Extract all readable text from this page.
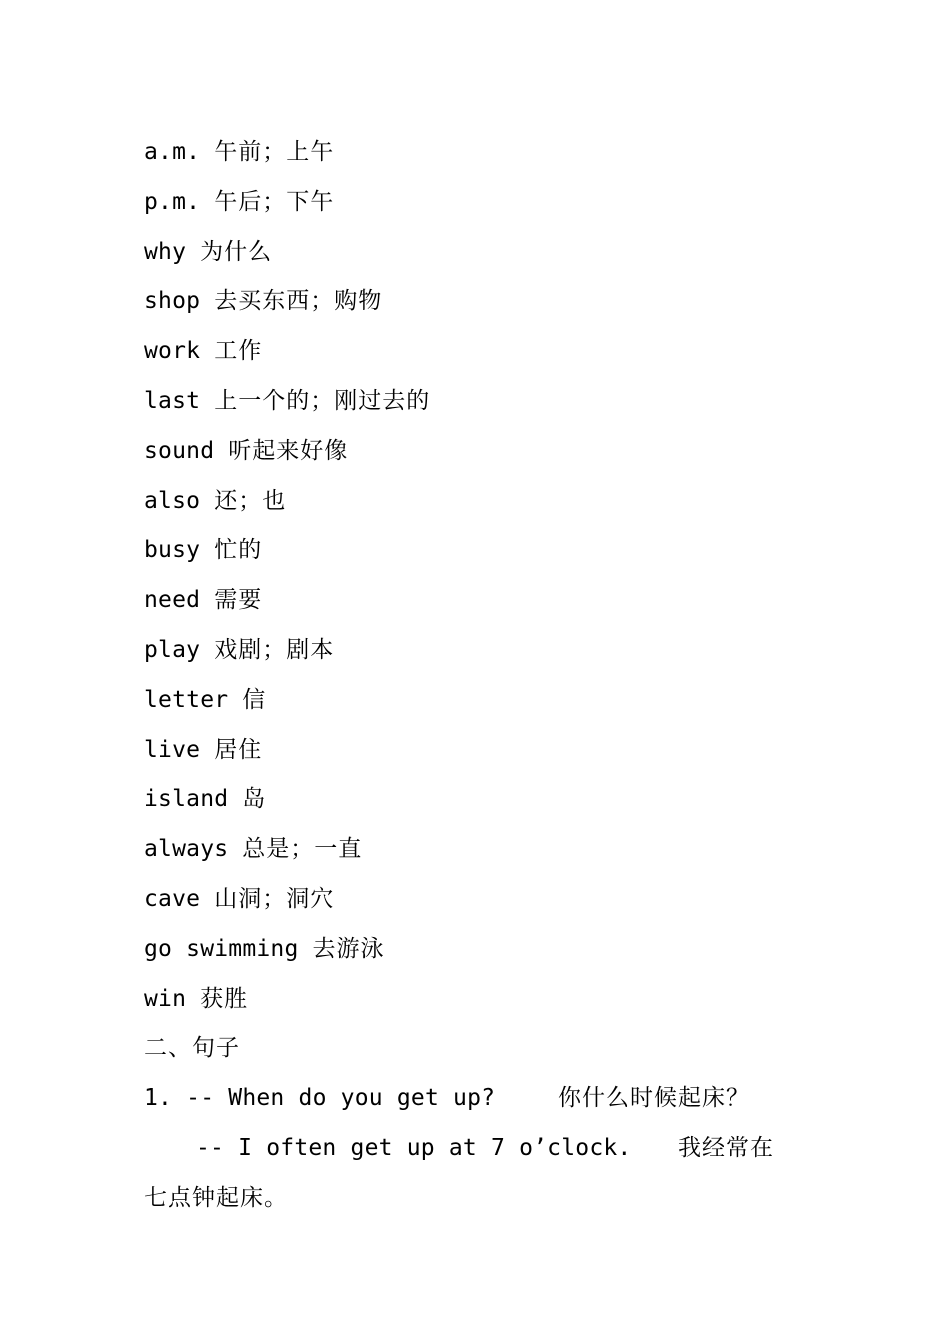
a.m. 午前；上午
p.m. 午后；下午
why 为什么
shop 去买东西；购物
work 工作
last 上一个的；刚过去的
sound 听起来好像
also 还；也
busy 忙的
need 需要
play 戏剧；剧本
letter 信
live 居住
island 岛
always 总是；一直
cave 山洞；洞穴
go swimming 去游泳
win 获胜
二、句子
1. -- When do you get up?	你什么时候起床？
-- I often get up at 7 o’clock. 我经常在
七点钟起床。
